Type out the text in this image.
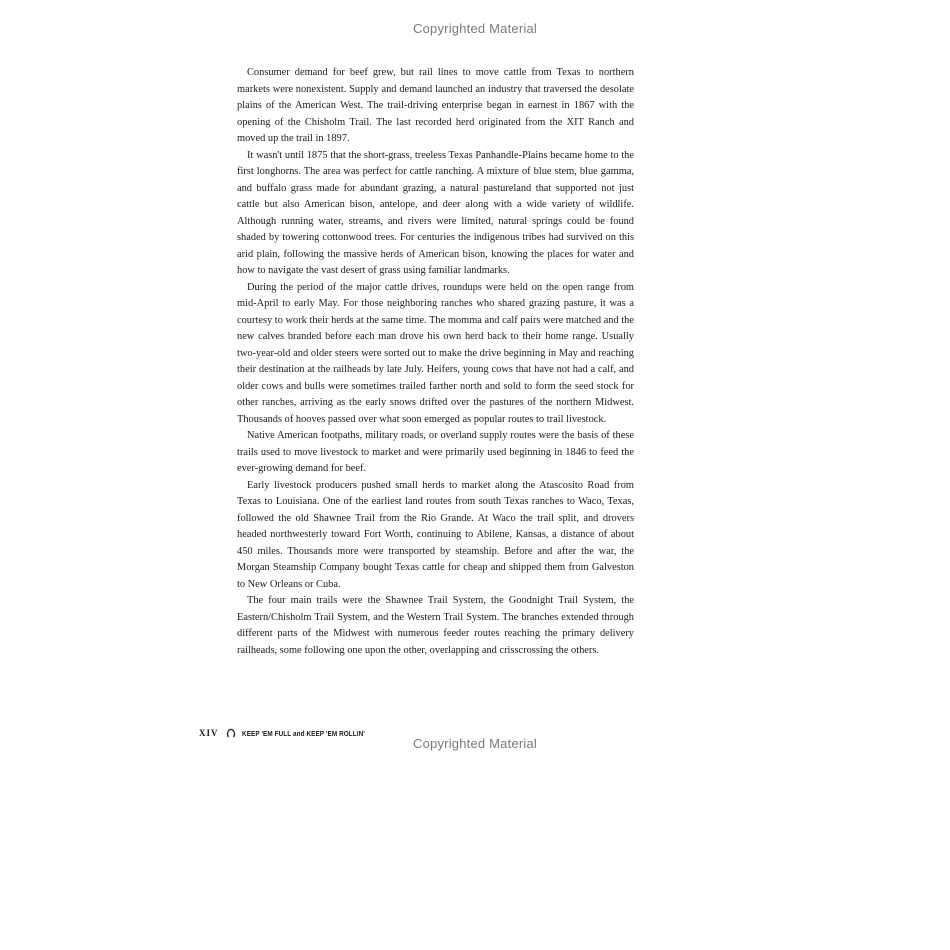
Copyrighted Material

Consumer demand for beef grew, but rail lines to move cattle from Texas to northern markets were nonexistent. Supply and demand launched an industry that traversed the desolate plains of the American West. The trail-driving enterprise began in earnest in 1867 with the opening of the Chisholm Trail. The last recorded herd originated from the XIT Ranch and moved up the trail in 1897.

It wasn't until 1875 that the short-grass, treeless Texas Panhandle-Plains became home to the first longhorns. The area was perfect for cattle ranching. A mixture of blue stem, blue gamma, and buffalo grass made for abundant grazing, a natural pastureland that supported not just cattle but also American bison, antelope, and deer along with a wide variety of wildlife. Although running water, streams, and rivers were limited, natural springs could be found shaded by towering cottonwood trees. For centuries the indigenous tribes had survived on this arid plain, following the massive herds of American bison, knowing the places for water and how to navigate the vast desert of grass using familiar landmarks.

During the period of the major cattle drives, roundups were held on the open range from mid-April to early May. For those neighboring ranches who shared grazing pasture, it was a courtesy to work their herds at the same time. The momma and calf pairs were matched and the new calves branded before each man drove his own herd back to their home range. Usually two-year-old and older steers were sorted out to make the drive beginning in May and reaching their destination at the railheads by late July. Heifers, young cows that have not had a calf, and older cows and bulls were sometimes trailed farther north and sold to form the seed stock for other ranches, arriving as the early snows drifted over the pastures of the northern Midwest. Thousands of hooves passed over what soon emerged as popular routes to trail livestock.

Native American footpaths, military roads, or overland supply routes were the basis of these trails used to move livestock to market and were primarily used beginning in 1846 to feed the ever-growing demand for beef.

Early livestock producers pushed small herds to market along the Atascosito Road from Texas to Louisiana. One of the earliest land routes from south Texas ranches to Waco, Texas, followed the old Shawnee Trail from the Rio Grande. At Waco the trail split, and drovers headed northwesterly toward Fort Worth, continuing to Abilene, Kansas, a distance of about 450 miles. Thousands more were transported by steamship. Before and after the war, the Morgan Steamship Company bought Texas cattle for cheap and shipped them from Galveston to New Orleans or Cuba.

The four main trails were the Shawnee Trail System, the Goodnight Trail System, the Eastern/Chisholm Trail System, and the Western Trail System. The branches extended through different parts of the Midwest with numerous feeder routes reaching the primary delivery railheads, some following one upon the other, overlapping and crisscrossing the others.

XIV	KEEP 'EM FULL and KEEP 'EM ROLLIN'
Copyrighted Material
